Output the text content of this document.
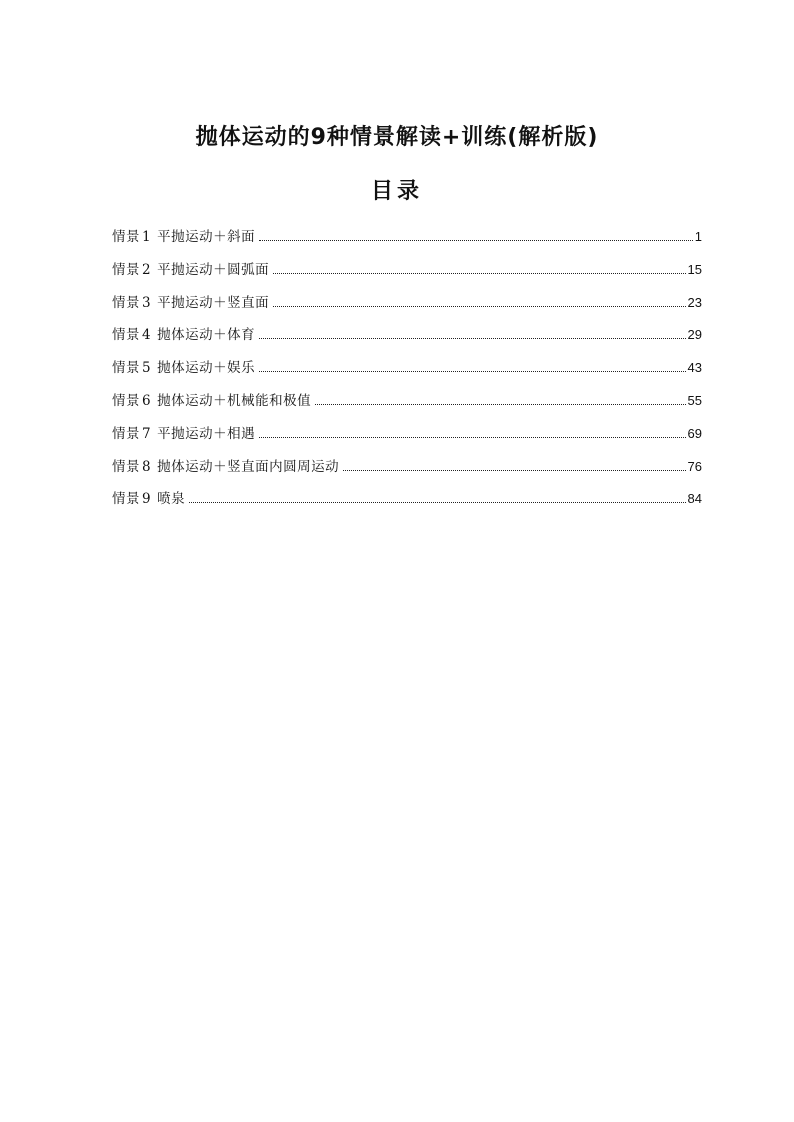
抛体运动的9种情景解读+训练(解析版)
目录
情景 1 平抛运动＋斜面	1
情景 2 平抛运动＋圆弧面	15
情景 3 平抛运动＋竖直面	23
情景 4 抛体运动＋体育	29
情景 5 抛体运动＋娱乐	43
情景 6 抛体运动＋机械能和极值	55
情景 7 平抛运动＋相遇	69
情景 8 抛体运动＋竖直面内圆周运动	76
情景 9 喷泉	84
